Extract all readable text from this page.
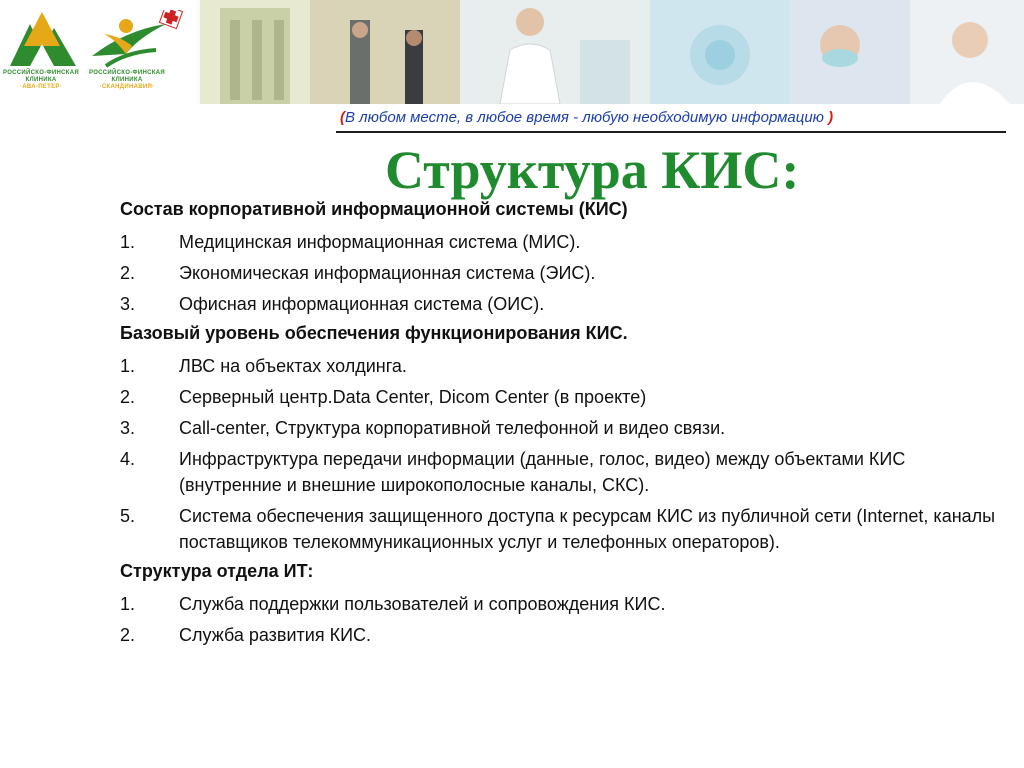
РОССИЙСКО-ФИНСКАЯ
КЛИНИКА
·АВА-ПЕТЕР·
РОССИЙСКО-ФИНСКАЯ
КЛИНИКА
·СКАНДИНАВИЯ·
(В любом месте, в любое время - любую необходимую информацию )
Структура КИС:
Состав корпоративной информационной системы (КИС)
1.	Медицинская информационная система (МИС).
2.	Экономическая информационная система (ЭИС).
3.	Офисная информационная система (ОИС).
Базовый уровень обеспечения функционирования КИС.
1.	ЛВС на объектах холдинга.
2.	Серверный центр.Data Center, Dicom Center (в проекте)
3.	Call-center, Структура корпоративной телефонной и видео связи.
4.	Инфраструктура передачи информации (данные, голос, видео) между объектами КИС (внутренние и внешние широкополосные каналы, СКС).
5.	Система обеспечения защищенного доступа к ресурсам КИС из публичной сети (Internet, каналы поставщиков телекоммуникационных услуг и телефонных операторов).
Структура отдела ИТ:
1.	Служба поддержки пользователей и сопровождения КИС.
2.	Служба развития КИС.
